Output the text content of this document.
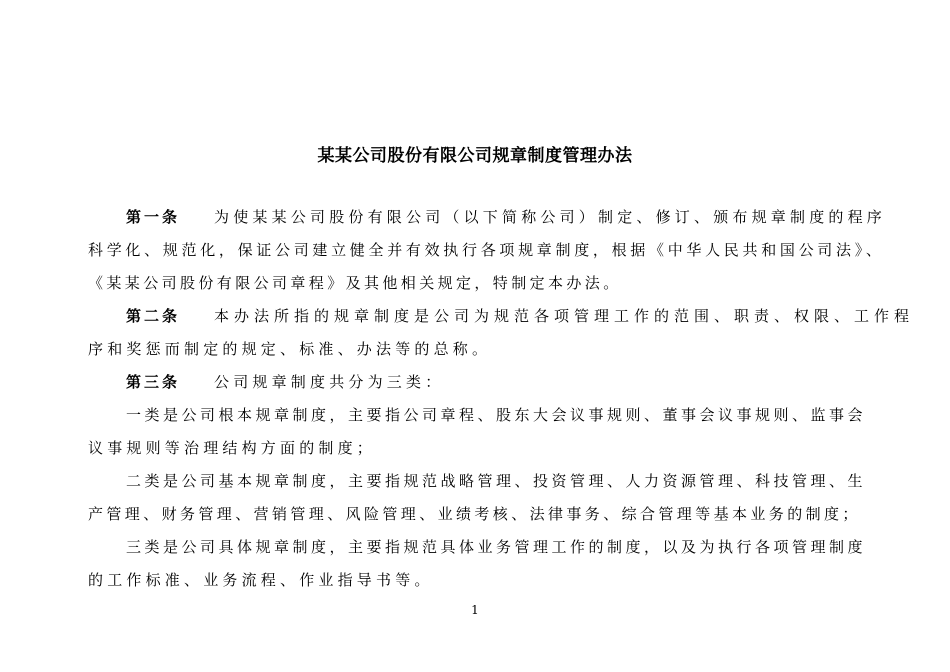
某某公司股份有限公司规章制度管理办法
第一条 为使某某公司股份有限公司（以下简称公司）制定、修订、颁布规章制度的程序
科学化、规范化，保证公司建立健全并有效执行各项规章制度，根据《中华人民共和国公司法》、
《某某公司股份有限公司章程》及其他相关规定，特制定本办法。
第二条 本办法所指的规章制度是公司为规范各项管理工作的范围、职责、权限、工作程
序和奖惩而制定的规定、标准、办法等的总称。
第三条 公司规章制度共分为三类：
一类是公司根本规章制度，主要指公司章程、股东大会议事规则、董事会议事规则、监事会
议事规则等治理结构方面的制度；
二类是公司基本规章制度，主要指规范战略管理、投资管理、人力资源管理、科技管理、生
产管理、财务管理、营销管理、风险管理、业绩考核、法律事务、综合管理等基本业务的制度；
三类是公司具体规章制度，主要指规范具体业务管理工作的制度，以及为执行各项管理制度
的工作标准、业务流程、作业指导书等。
1
